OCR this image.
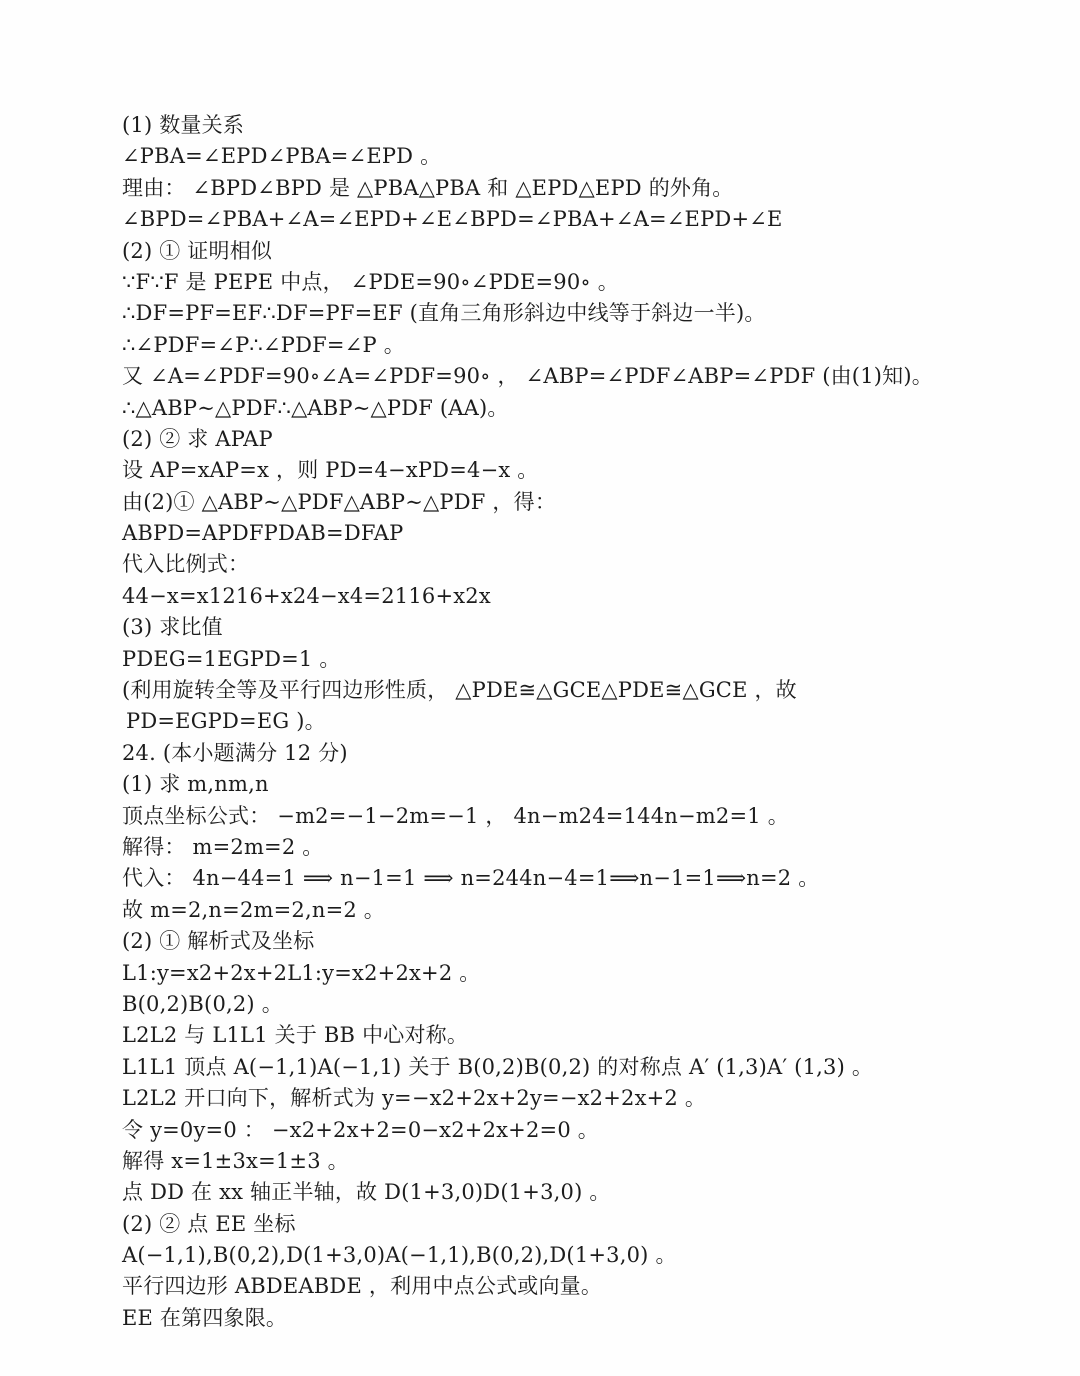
(1) 数量关系
∠PBA=∠EPD∠PBA=∠EPD 。
理由： ∠BPD∠BPD 是 △PBA△PBA 和 △EPD△EPD 的外角。
∠BPD=∠PBA+∠A=∠EPD+∠E∠BPD=∠PBA+∠A=∠EPD+∠E
(2) ① 证明相似
∵F∵F 是 PEPE 中点， ∠PDE=90∘∠PDE=90∘ 。
∴DF=PF=EF∴DF=PF=EF (直角三角形斜边中线等于斜边一半)。
∴∠PDF=∠P∴∠PDF=∠P 。
又 ∠A=∠PDF=90∘∠A=∠PDF=90∘ ， ∠ABP=∠PDF∠ABP=∠PDF (由(1)知)。
∴△ABP∼△PDF∴△ABP∼△PDF (AA)。
(2) ② 求 APAP
设 AP=xAP=x ，则 PD=4−xPD=4−x 。
由(2)① △ABP∼△PDF△ABP∼△PDF ，得：
ABPD=APDFPDAB=DFAP
代入比例式：
44−x=x1216+x24−x4=2116+x2x
(3) 求比值
PDEG=1EGPD=1 。
(利用旋转全等及平行四边形性质， △PDE≅△GCE△PDE≅△GCE ，故
PD=EGPD=EG )。
24. (本小题满分 12 分)
(1) 求 m,nm,n
顶点坐标公式： −m2=−1−2m=−1 ， 4n−m24=144n−m2=1 。
解得： m=2m=2 。
代入： 4n−44=1 ⟹ n−1=1 ⟹ n=244n−4=1⟹n−1=1⟹n=2 。
故 m=2,n=2m=2,n=2 。
(2) ① 解析式及坐标
L1:y=x2+2x+2L1:y=x2+2x+2 。
B(0,2)B(0,2) 。
L2L2 与 L1L1 关于 BB 中心对称。
L1L1 顶点 A(−1,1)A(−1,1) 关于 B(0,2)B(0,2) 的对称点 A′ (1,3)A′ (1,3) 。
L2L2 开口向下，解析式为 y=−x2+2x+2y=−x2+2x+2 。
令 y=0y=0 ： −x2+2x+2=0−x2+2x+2=0 。
解得 x=1±3x=1±3 。
点 DD 在 xx 轴正半轴，故 D(1+3,0)D(1+3,0) 。
(2) ② 点 EE 坐标
A(−1,1),B(0,2),D(1+3,0)A(−1,1),B(0,2),D(1+3,0) 。
平行四边形 ABDEABDE ，利用中点公式或向量。
EE 在第四象限。
